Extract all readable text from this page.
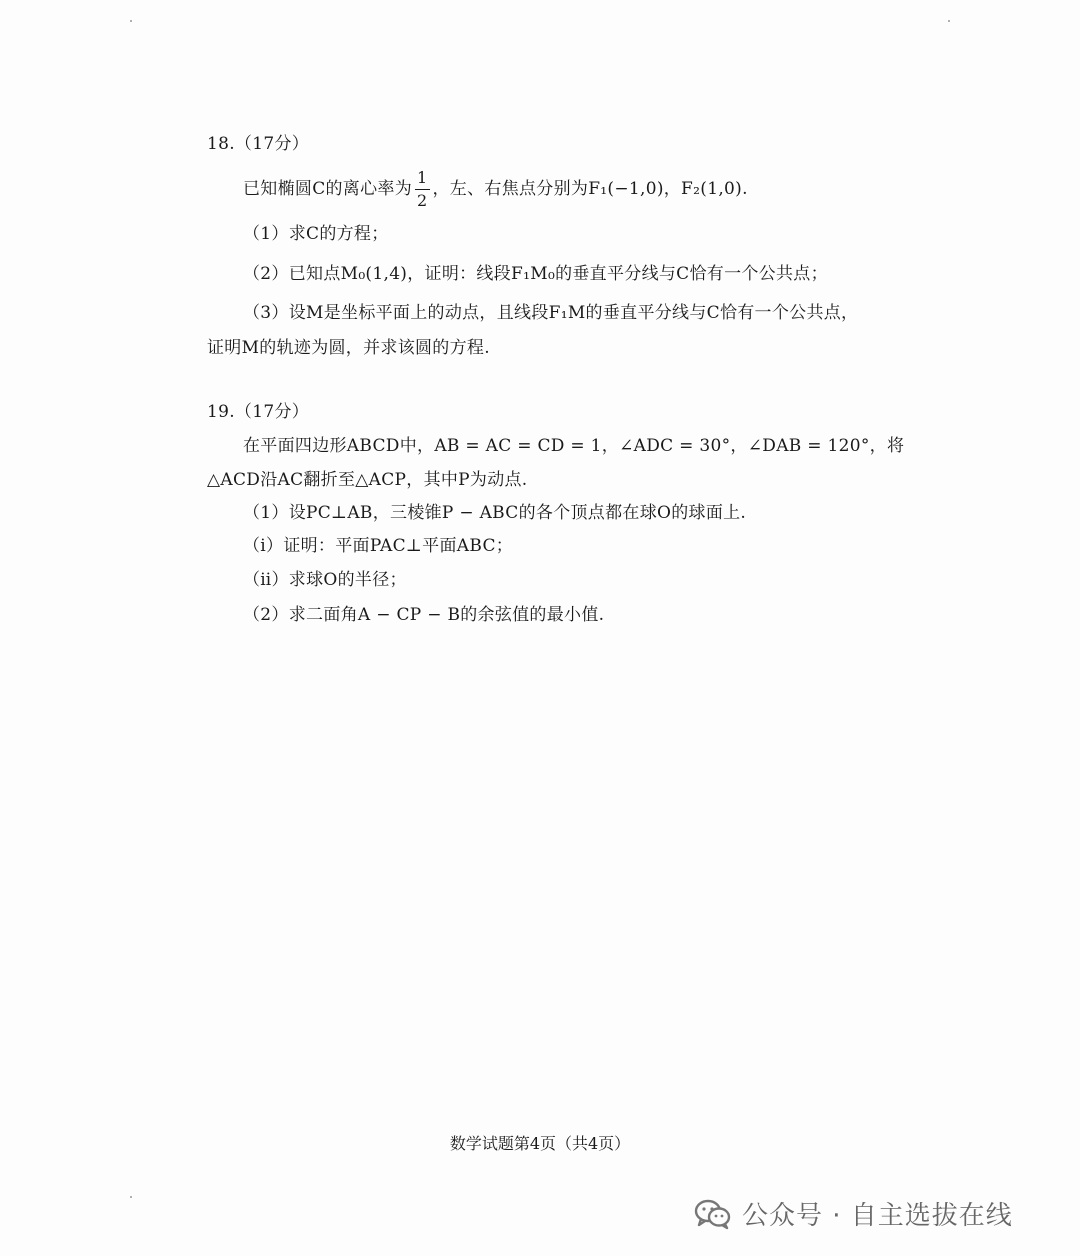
18.（17分）
已知椭圆C的离心率为 $\frac{1}{2}$ ，左、右焦点分别为F₁(−1,0)，F₂(1,0).
（1）求C的方程；
（2）已知点M₀(1,4)，证明：线段F₁M₀的垂直平分线与C恰有一个公共点；
（3）设M是坐标平面上的动点，且线段F₁M的垂直平分线与C恰有一个公共点，
证明M的轨迹为圆，并求该圆的方程.
19.（17分）
在平面四边形ABCD中，AB = AC = CD = 1，∠ADC = 30°，∠DAB = 120°，将
△ACD沿AC翻折至△ACP，其中P为动点.
（1）设PC⊥AB，三棱锥P − ABC的各个顶点都在球O的球面上.
（ⅰ）证明：平面PAC⊥平面ABC；
（ⅱ）求球O的半径；
（2）求二面角A − CP − B的余弦值的最小值.
数学试题第4页（共4页）
公众号 · 自主选拔在线
